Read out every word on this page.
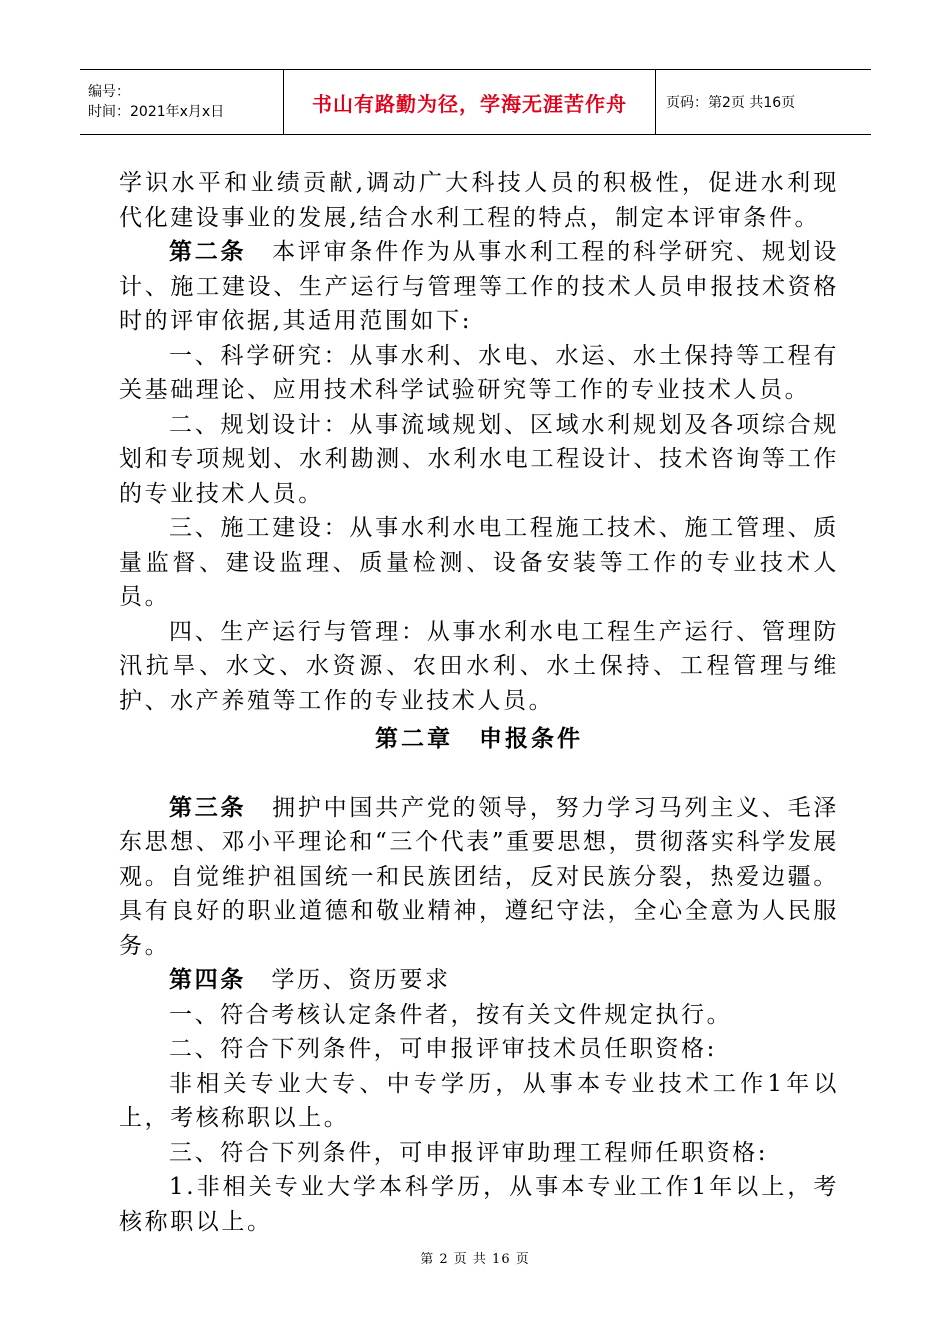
编号：
时间：2021年x月x日	书山有路勤为径，学海无涯苦作舟	页码：第2页 共16页

学识水平和业绩贡献,调动广大科技人员的积极性，促进水利现代化建设事业的发展,结合水利工程的特点，制定本评审条件。

第二条　本评审条件作为从事水利工程的科学研究、规划设计、施工建设、生产运行与管理等工作的技术人员申报技术资格时的评审依据,其适用范围如下:

一、科学研究：从事水利、水电、水运、水土保持等工程有关基础理论、应用技术科学试验研究等工作的专业技术人员。

二、规划设计：从事流域规划、区域水利规划及各项综合规划和专项规划、水利勘测、水利水电工程设计、技术咨询等工作的专业技术人员。

三、施工建设：从事水利水电工程施工技术、施工管理、质量监督、建设监理、质量检测、设备安装等工作的专业技术人员。

四、生产运行与管理：从事水利水电工程生产运行、管理防汛抗旱、水文、水资源、农田水利、水土保持、工程管理与维护、水产养殖等工作的专业技术人员。

第二章　申报条件

第三条　拥护中国共产党的领导，努力学习马列主义、毛泽东思想、邓小平理论和“三个代表”重要思想，贯彻落实科学发展观。自觉维护祖国统一和民族团结，反对民族分裂，热爱边疆。具有良好的职业道德和敬业精神，遵纪守法，全心全意为人民服务。

第四条　学历、资历要求

一、符合考核认定条件者，按有关文件规定执行。

二、符合下列条件，可申报评审技术员任职资格:

非相关专业大专、中专学历，从事本专业技术工作1年以上，考核称职以上。

三、符合下列条件，可申报评审助理工程师任职资格:

1.非相关专业大学本科学历，从事本专业工作1年以上，考核称职以上。

第 2 页 共 16 页
